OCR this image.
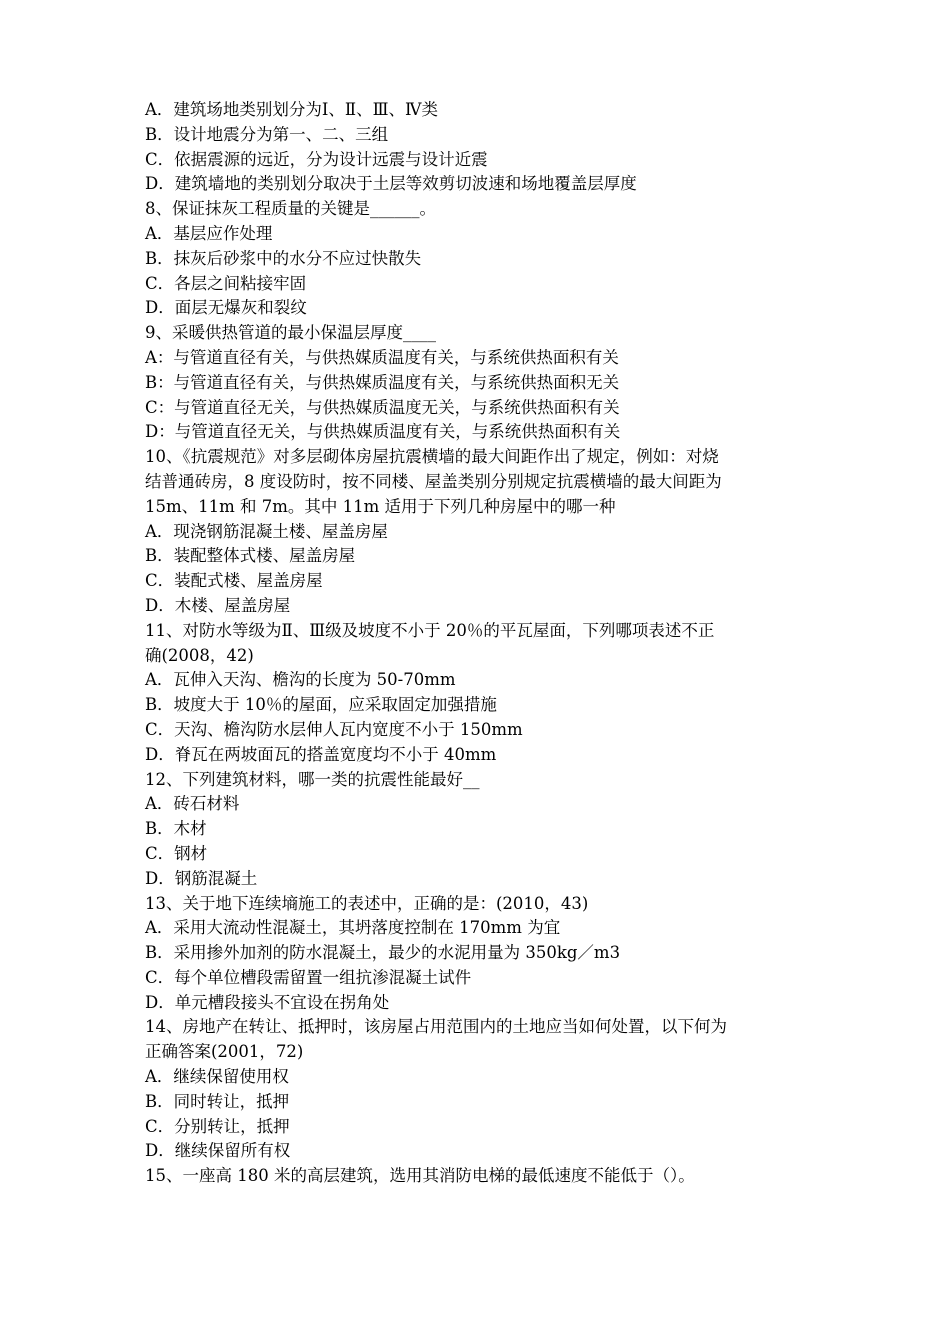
A．建筑场地类别划分为Ⅰ、Ⅱ、Ⅲ、Ⅳ类

B．设计地震分为第一、二、三组

C．依据震源的远近，分为设计远震与设计近震

D．建筑墙地的类别划分取决于土层等效剪切波速和场地覆盖层厚度

8、保证抹灰工程质量的关键是______。

A．基层应作处理

B．抹灰后砂浆中的水分不应过快散失

C．各层之间粘接牢固

D．面层无爆灰和裂纹

9、采暖供热管道的最小保温层厚度____

A：与管道直径有关，与供热媒质温度有关，与系统供热面积有关

B：与管道直径有关，与供热媒质温度有关，与系统供热面积无关

C：与管道直径无关，与供热媒质温度无关，与系统供热面积有关

D：与管道直径无关，与供热媒质温度有关，与系统供热面积有关

10、《抗震规范》对多层砌体房屋抗震横墙的最大间距作出了规定，例如：对烧

结普通砖房，8 度设防时，按不同楼、屋盖类别分别规定抗震横墙的最大间距为

15m、11m 和 7m。其中 11m 适用于下列几种房屋中的哪一种

A．现浇钢筋混凝土楼、屋盖房屋

B．装配整体式楼、屋盖房屋

C．装配式楼、屋盖房屋

D．木楼、屋盖房屋

11、对防水等级为Ⅱ、Ⅲ级及坡度不小于 20％的平瓦屋面，下列哪项表述不正

确(2008，42)

A．瓦伸入天沟、檐沟的长度为 50-70mm

B．坡度大于 10％的屋面，应采取固定加强措施

C．天沟、檐沟防水层伸人瓦内宽度不小于 150mm

D．脊瓦在两坡面瓦的搭盖宽度均不小于 40mm

12、下列建筑材料，哪一类的抗震性能最好__

A．砖石材料

B．木材

C．钢材

D．钢筋混凝土

13、关于地下连续墒施工的表述中，正确的是：(2010，43)

A．采用大流动性混凝土，其坍落度控制在 170mm 为宜

B．采用掺外加剂的防水混凝土，最少的水泥用量为 350kg／m3

C．每个单位槽段需留置一组抗渗混凝土试件

D．单元槽段接头不宜设在拐角处

14、房地产在转让、抵押时，该房屋占用范围内的土地应当如何处置，以下何为

正确答案(2001，72)

A．继续保留使用权

B．同时转让，抵押

C．分别转让，抵押

D．继续保留所有权

15、一座高 180 米的高层建筑，选用其消防电梯的最低速度不能低于（）。
